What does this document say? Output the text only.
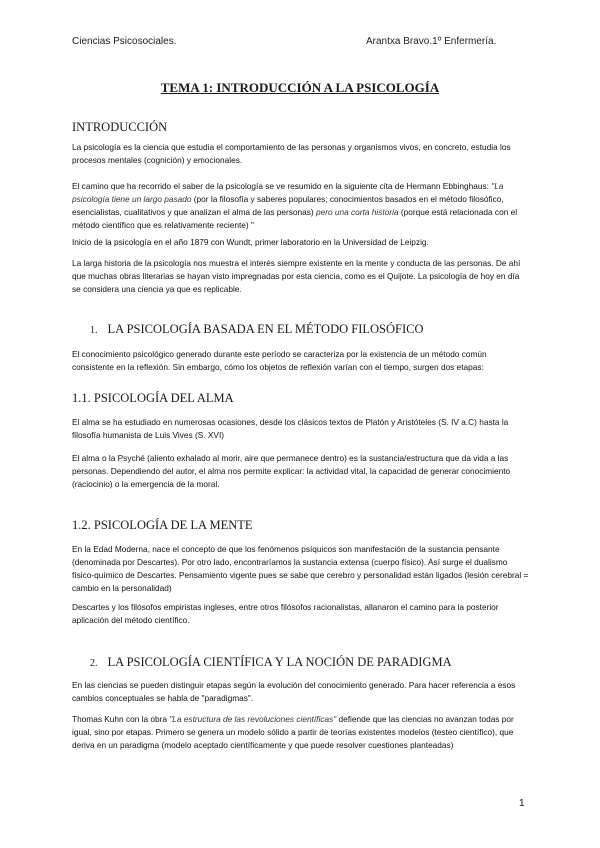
Ciencias Psicosociales.	Arantxa Bravo.1º Enfermería.
TEMA 1: INTRODUCCIÓN A LA PSICOLOGÍA
INTRODUCCIÓN
La psicología es la ciencia que estudia el comportamiento de las personas y organismos vivos, en concreto, estudia los procesos mentales (cognición) y emocionales.
El camino que ha recorrido el saber de la psicología se ve resumido en la siguiente cita de Hermann Ebbinghaus: "La psicología tiene un largo pasado (por la filosofía y saberes populares; conocimientos basados en el método filosófico, esencialistas, cualitativos y que analizan el alma de las personas) pero una corta historia (porque está relacionada con el método científico que es relativamente reciente) "
Inicio de la psicología en el año 1879 con Wundt, primer laboratorio en la Universidad de Leipzig.
La larga historia de la psicología nos muestra el interés siempre existente en la mente y conducta de las personas. De ahí que muchas obras literarias se hayan visto impregnadas por esta ciencia, como es el Quijote. La psicología de hoy en día se considera una ciencia ya que es replicable.
1. LA PSICOLOGÍA BASADA EN EL MÉTODO FILOSÓFICO
El conocimiento psicológico generado durante este período se caracteriza por la existencia de un método común consistente en la reflexión. Sin embargo, cómo los objetos de reflexión varían con el tiempo, surgen dos etapas:
1.1. PSICOLOGÍA DEL ALMA
El alma se ha estudiado en numerosas ocasiones, desde los clásicos textos de Platón y Aristóteles (S. IV a.C) hasta la filosofía humanista de Luis Vives (S. XVI)
El alma o la Psyché (aliento exhalado al morir, aire que permanece dentro) es la sustancia/estructura que da vida a las personas. Dependiendo del autor, el alma nos permite explicar: la actividad vital, la capacidad de generar conocimiento (raciocinio) o la emergencia de la moral.
1.2. PSICOLOGÍA DE LA MENTE
En la Edad Moderna, nace el concepto de que los fenómenos psíquicos son manifestación de la sustancia pensante (denominada por Descartes). Por otro lado, encontraríamos la sustancia extensa (cuerpo físico). Así surge el dualismo físico-químico de Descartes. Pensamiento vigente pues se sabe que cerebro y personalidad están ligados (lesión cerebral = cambio en la personalidad)
Descartes y los filósofos empiristas ingleses, entre otros filósofos racionalistas, allanaron el camino para la posterior aplicación del método científico.
2. LA PSICOLOGÍA CIENTÍFICA Y LA NOCIÓN DE PARADIGMA
En las ciencias se pueden distinguir etapas según la evolución del conocimiento generado. Para hacer referencia a esos cambios conceptuales se habla de "paradigmas".
Thomas Kuhn con la obra "La estructura de las revoluciones científicas" defiende que las ciencias no avanzan todas por igual, sino por etapas. Primero se genera un modelo sólido a partir de teorías existentes modelos (testeo científico), que deriva en un paradigma (modelo aceptado científicamente y que puede resolver cuestiones planteadas)
1
